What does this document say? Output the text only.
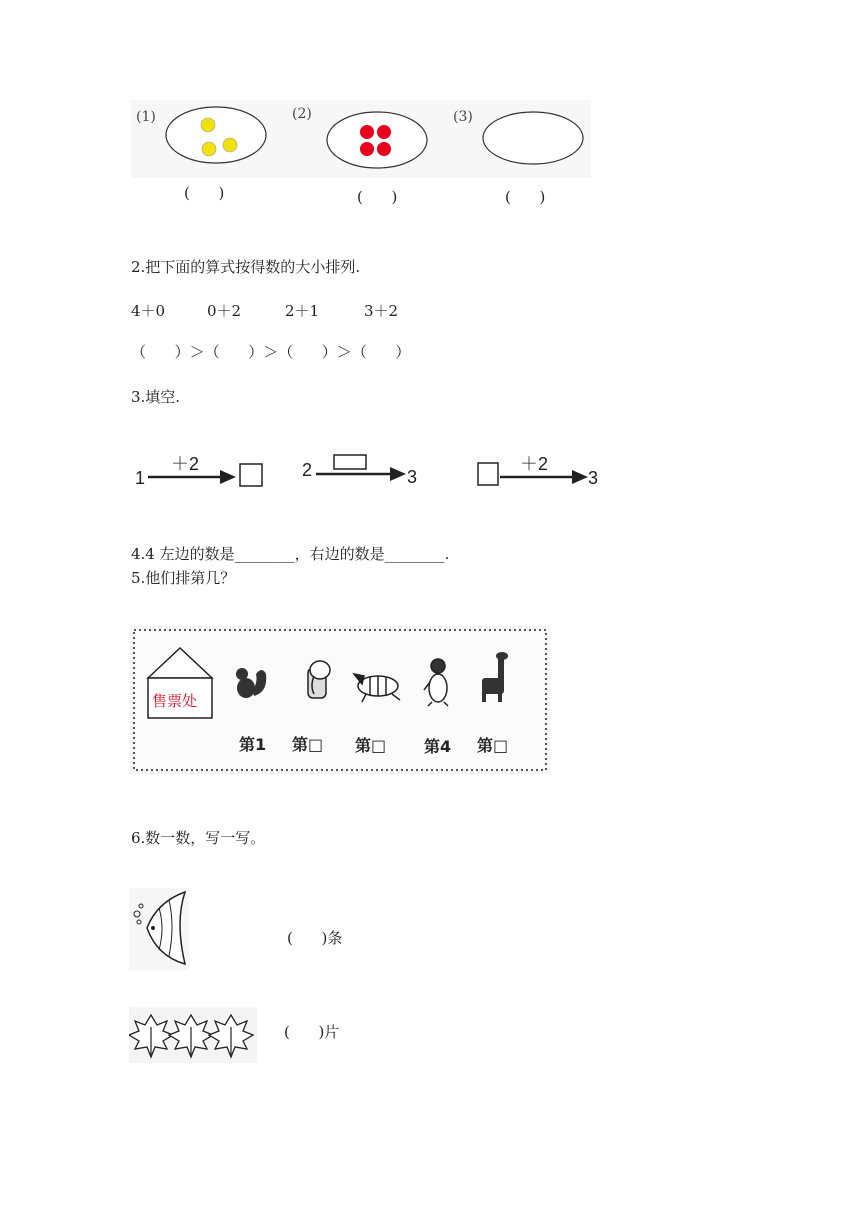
(1)	(2)	(3)
(      )	(      )	(      )
2.把下面的算式按得数的大小排列.
4＋0	0＋2	2＋1	3＋2
（      ）＞（      ）＞（      ）＞（      ）
3.填空.
1
＋2	2	3
＋2
3
4.4 左边的数是________，右边的数是________.
5.他们排第几？
售票处
第1 第□ 第□ 第4 第□
6.数一数，写一写。
(      )条
(      )片
